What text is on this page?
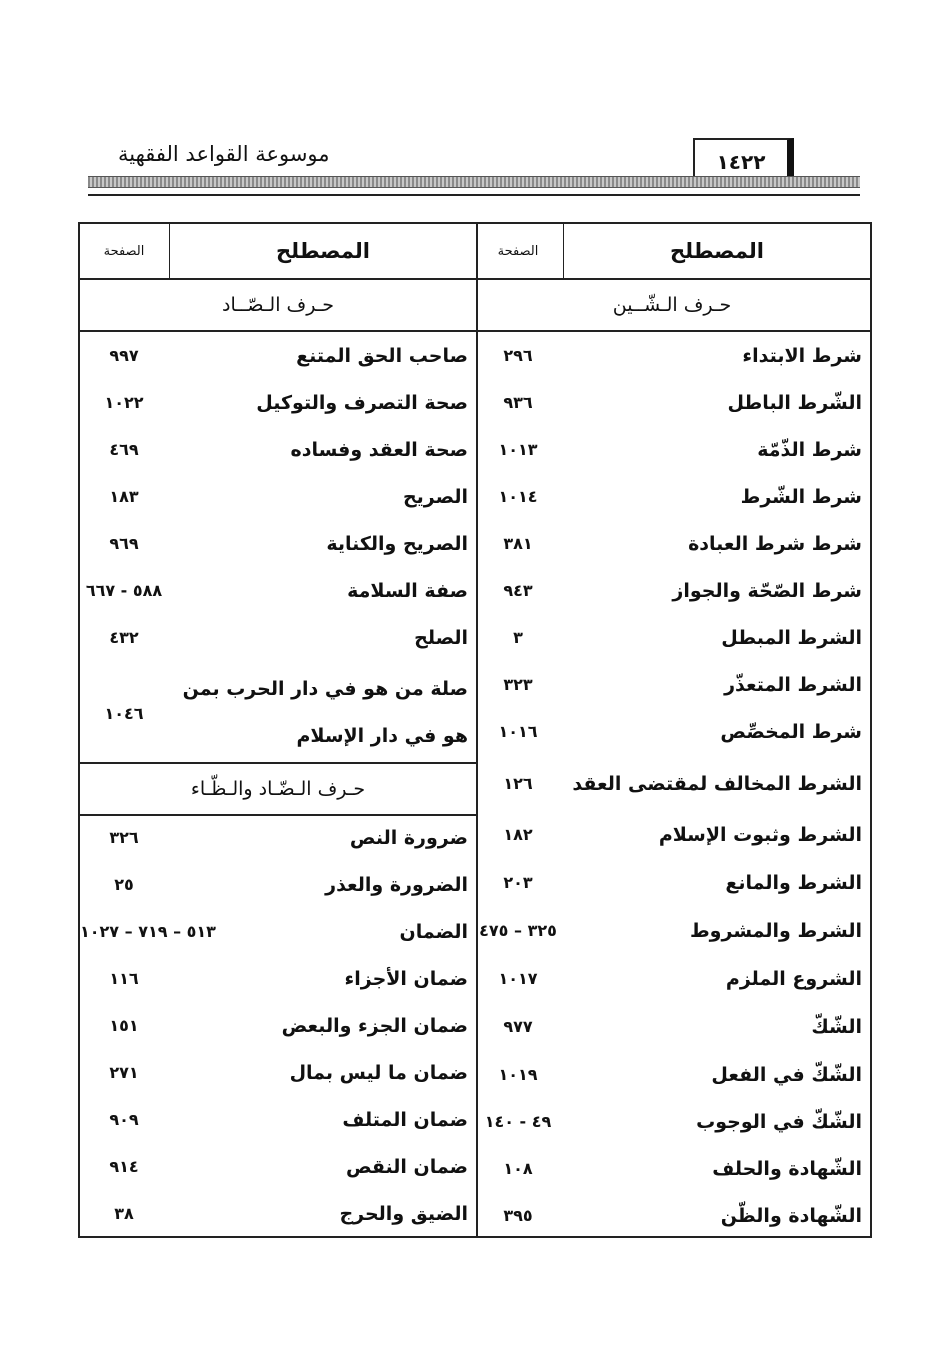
موسوعة القواعد الفقهية	١٤٢٢
المصطلح
الصفحة
حـرف الـشّــين
شرط الابتداء
٢٩٦
الشّرط الباطل
٩٣٦
شرط الذّمّة
١٠١٣
شرط الشّرط
١٠١٤
شرط شرط العبادة
٣٨١
شرط الصّحّة والجواز
٩٤٣
الشرط المبطل
٣
الشرط المتعذّر
٣٢٣
شرط المخصِّص
١٠١٦
الشرط المخالف لمقتضى العقد
١٢٦
الشرط وثبوت الإسلام
١٨٢
الشرط والمانع
٢٠٣
الشرط والمشروط
٣٢٥ – ٤٧٥
الشروع الملزم
١٠١٧
الشّكّ
٩٧٧
الشّكّ في الفعل
١٠١٩
الشّكّ في الوجوب
٤٩ - ١٤٠
الشّهادة والحلف
١٠٨
الشّهادة والظّن
٣٩٥
المصطلح
الصفحة
حـرف الـصّــاد
صاحب الحق المتنع
٩٩٧
صحة التصرف والتوكيل
١٠٢٢
صحة العقد وفساده
٤٦٩
الصريح
١٨٣
الصريح والكناية
٩٦٩
صفة السلامة
٥٨٨ - ٦٦٧
الصلح
٤٣٢
صلة من هو في دار الحرب بمن
هو في دار الإسلام
١٠٤٦
حـرف الـضّـاد والـظّـاء
ضرورة النص
٣٢٦
الضرورة والعذر
٢٥
الضمان
٥١٣ – ٧١٩ – ١٠٢٧
ضمان الأجزاء
١١٦
ضمان الجزء والبعض
١٥١
ضمان ما ليس بمال
٢٧١
ضمان المتلف
٩٠٩
ضمان النقص
٩١٤
الضيق والحرج
٣٨
